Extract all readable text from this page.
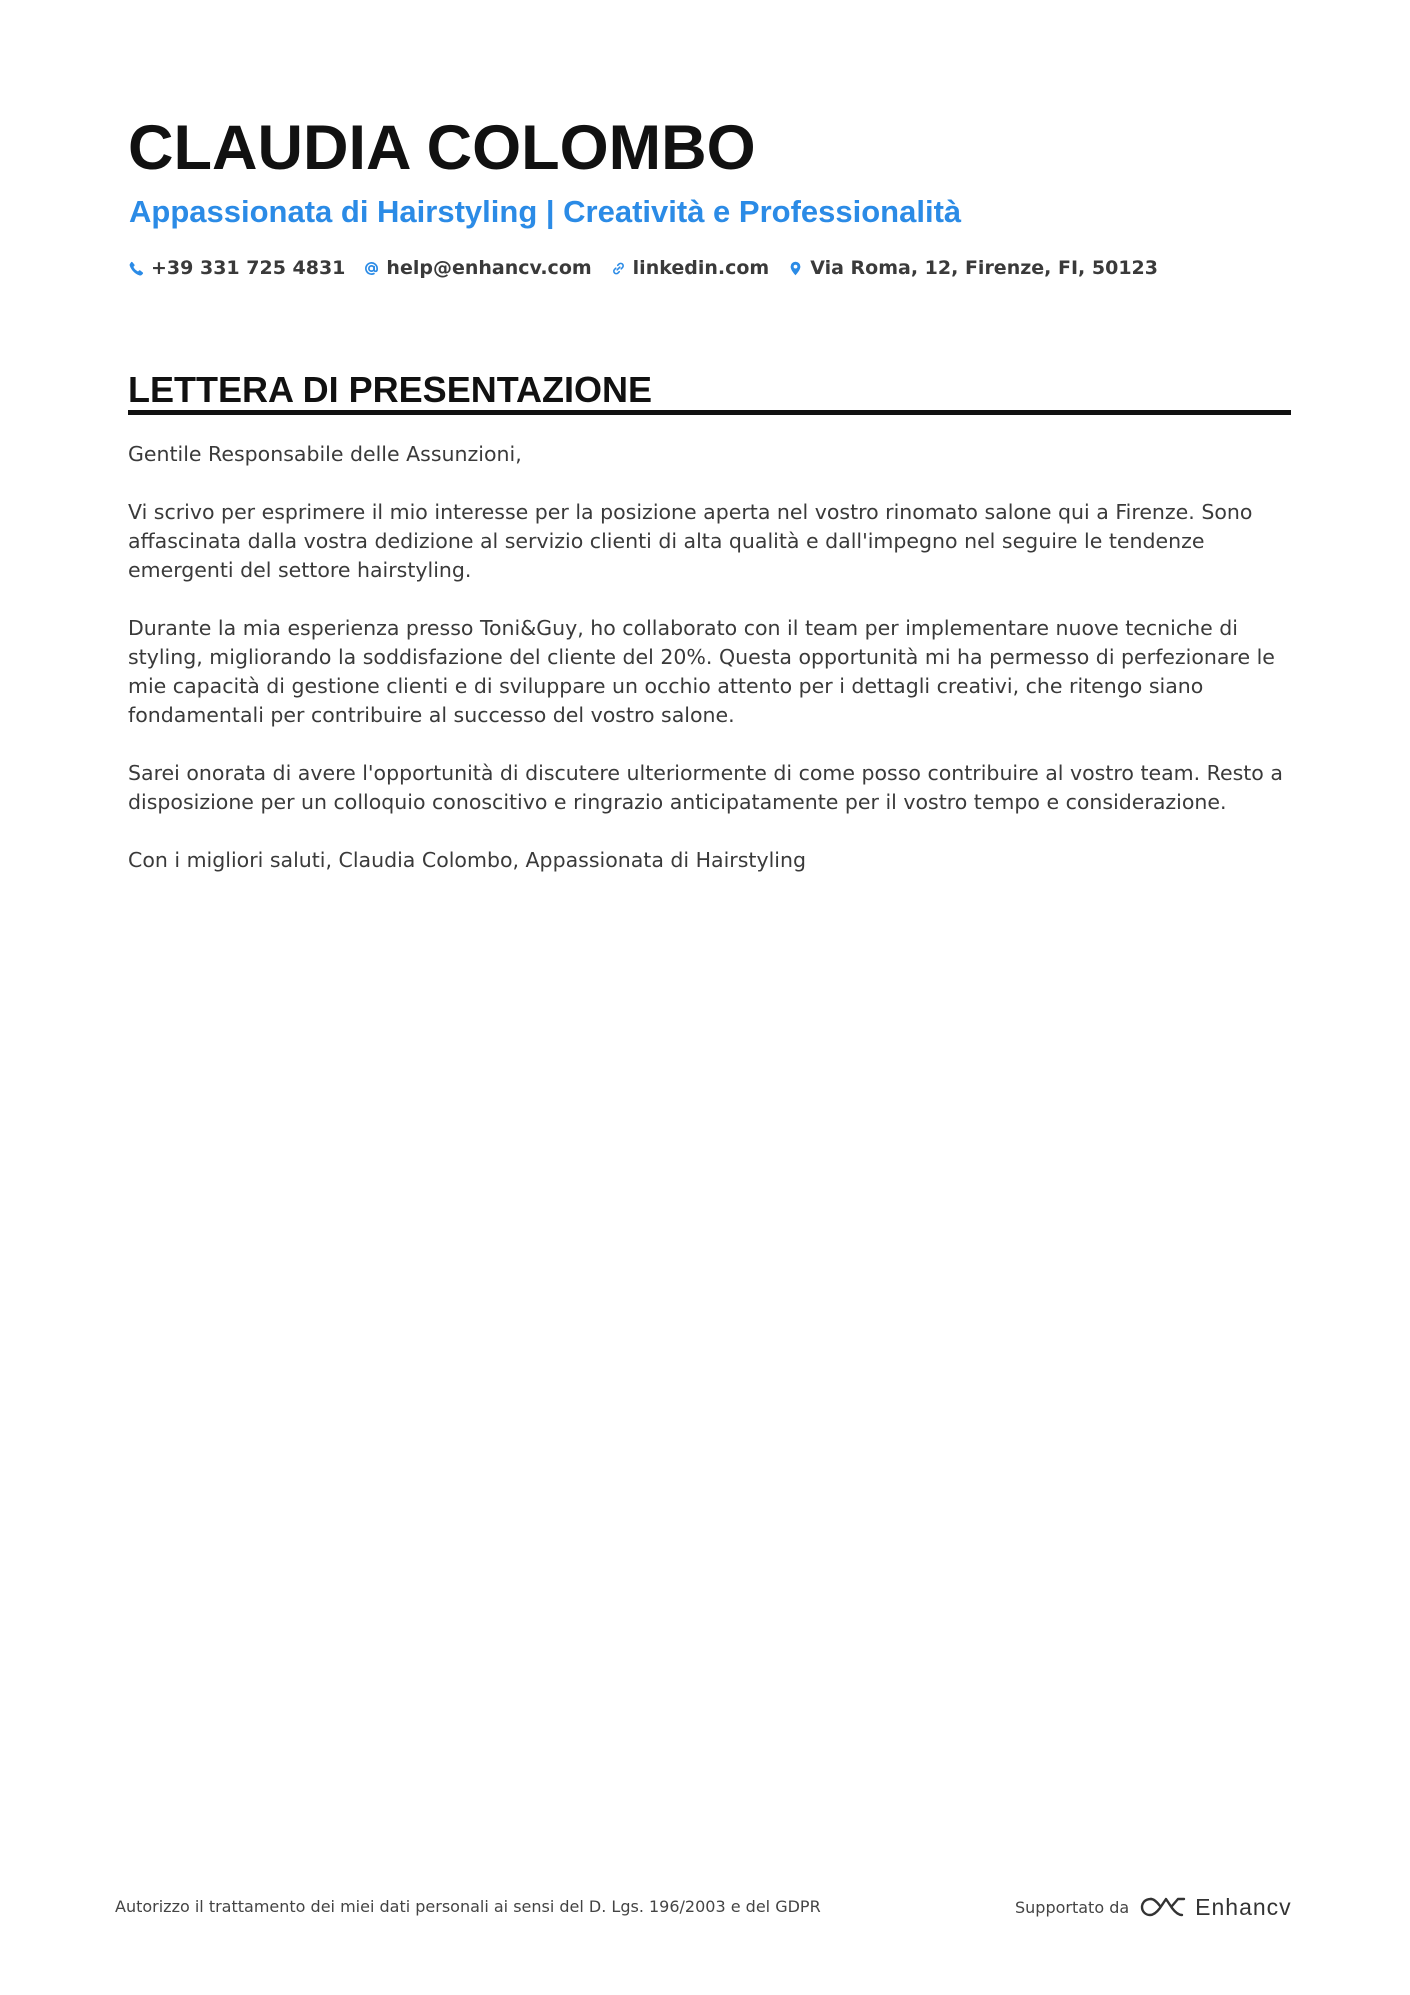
CLAUDIA COLOMBO
Appassionata di Hairstyling | Creatività e Professionalità
+39 331 725 4831 help@enhancv.com linkedin.com Via Roma, 12, Firenze, FI, 50123
LETTERA DI PRESENTAZIONE

Gentile Responsabile delle Assunzioni,

Vi scrivo per esprimere il mio interesse per la posizione aperta nel vostro rinomato salone qui a Firenze. Sono affascinata dalla vostra dedizione al servizio clienti di alta qualità e dall'impegno nel seguire le tendenze emergenti del settore hairstyling.

Durante la mia esperienza presso Toni&Guy, ho collaborato con il team per implementare nuove tecniche di styling, migliorando la soddisfazione del cliente del 20%. Questa opportunità mi ha permesso di perfezionare le mie capacità di gestione clienti e di sviluppare un occhio attento per i dettagli creativi, che ritengo siano fondamentali per contribuire al successo del vostro salone.

Sarei onorata di avere l'opportunità di discutere ulteriormente di come posso contribuire al vostro team. Resto a disposizione per un colloquio conoscitivo e ringrazio anticipatamente per il vostro tempo e considerazione.

Con i migliori saluti, Claudia Colombo, Appassionata di Hairstyling

Autorizzo il trattamento dei miei dati personali ai sensi del D. Lgs. 196/2003 e del GDPR	Supportato da	Enhancv
